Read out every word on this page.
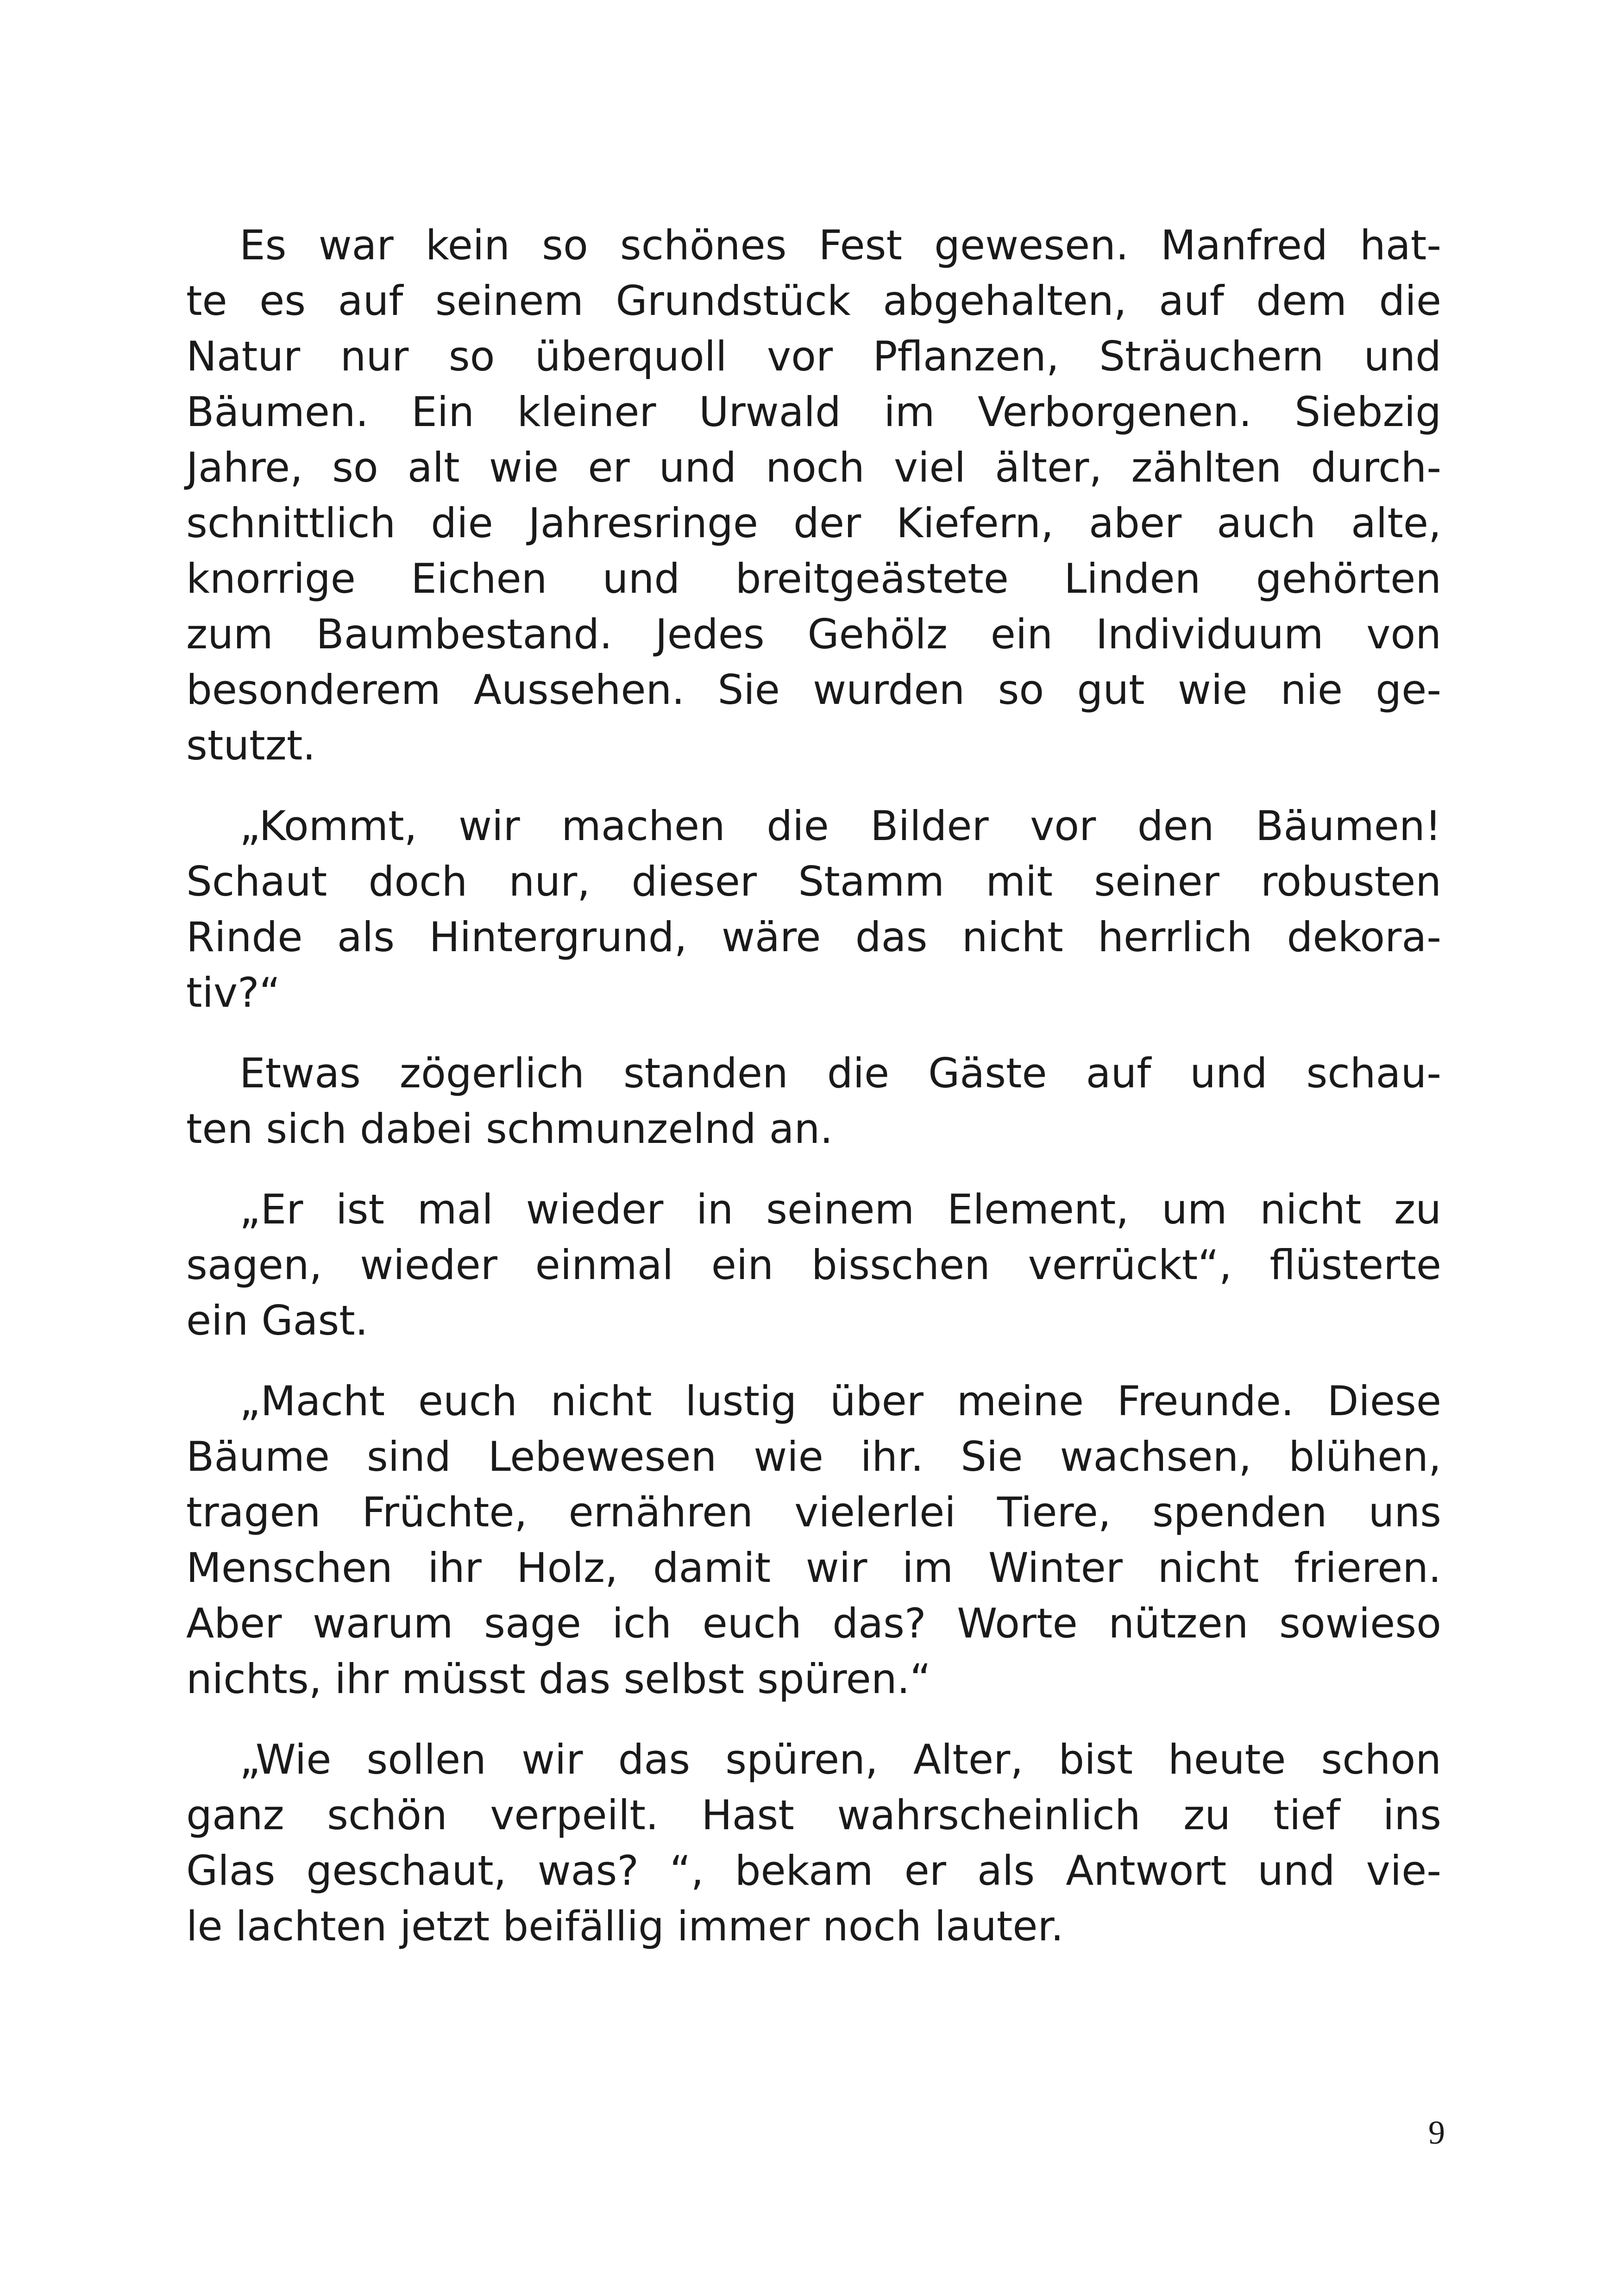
Es war kein so schönes Fest gewesen. Manfred hat-
te es auf seinem Grundstück abgehalten, auf dem die
Natur nur so überquoll vor Pflanzen, Sträuchern und
Bäumen. Ein kleiner Urwald im Verborgenen. Siebzig
Jahre, so alt wie er und noch viel älter, zählten durch-
schnittlich die Jahresringe der Kiefern, aber auch alte,
knorrige Eichen und breitgeästete Linden gehörten
zum Baumbestand. Jedes Gehölz ein Individuum von
besonderem Aussehen. Sie wurden so gut wie nie ge-
stutzt.
„Kommt, wir machen die Bilder vor den Bäumen!
Schaut doch nur, dieser Stamm mit seiner robusten
Rinde als Hintergrund, wäre das nicht herrlich dekora-
tiv?“
Etwas zögerlich standen die Gäste auf und schau-
ten sich dabei schmunzelnd an.
„Er ist mal wieder in seinem Element, um nicht zu
sagen, wieder einmal ein bisschen verrückt“, flüsterte
ein Gast.
„Macht euch nicht lustig über meine Freunde. Diese
Bäume sind Lebewesen wie ihr. Sie wachsen, blühen,
tragen Früchte, ernähren vielerlei Tiere, spenden uns
Menschen ihr Holz, damit wir im Winter nicht frieren.
Aber warum sage ich euch das? Worte nützen sowieso
nichts, ihr müsst das selbst spüren.“
„Wie sollen wir das spüren, Alter, bist heute schon
ganz schön verpeilt. Hast wahrscheinlich zu tief ins
Glas geschaut, was? “, bekam er als Antwort und vie-
le lachten jetzt beifällig immer noch lauter.
9
